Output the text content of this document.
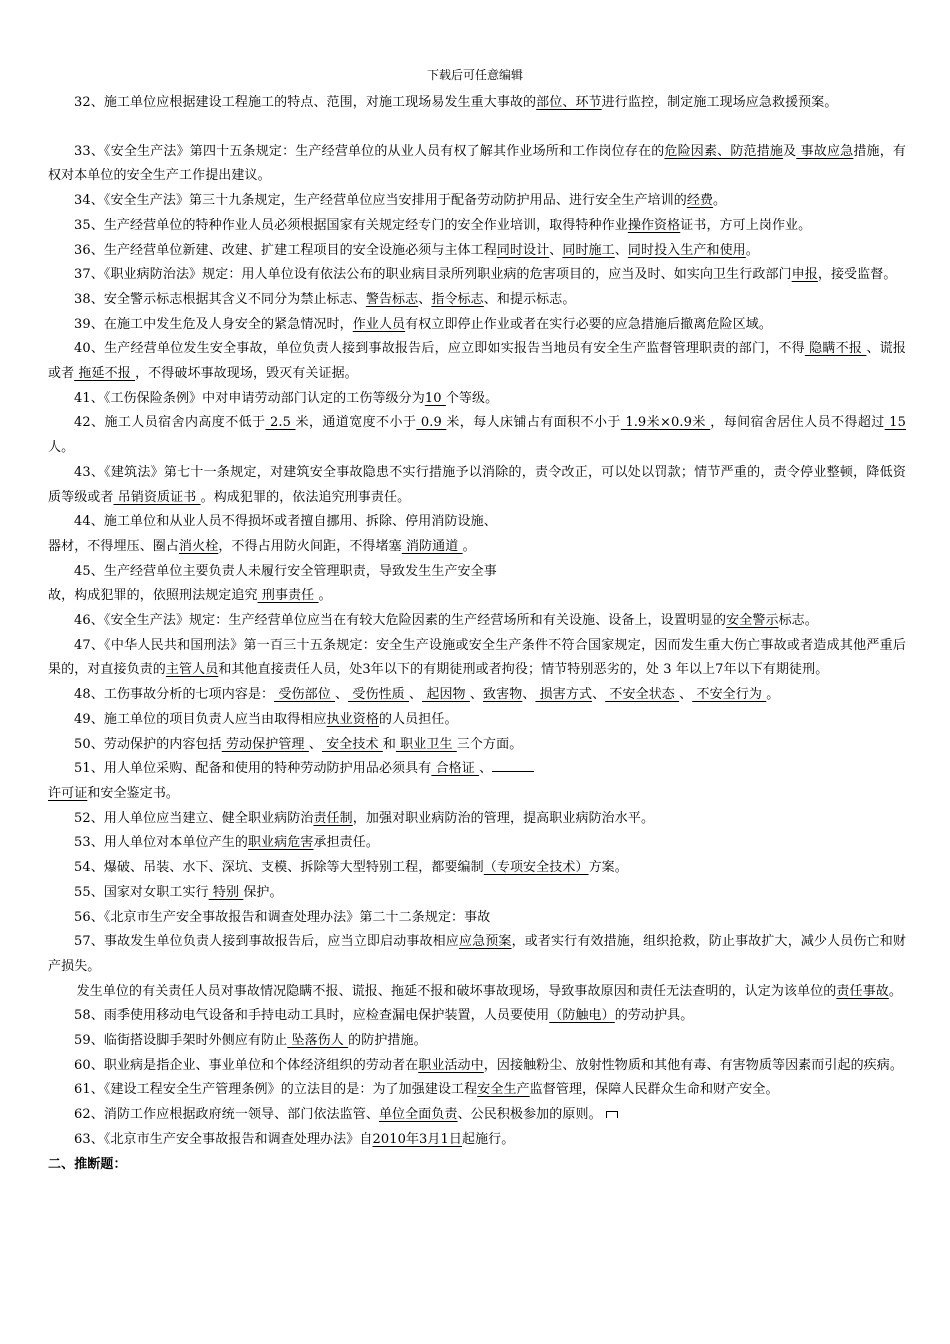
下载后可任意编辑

32、施工单位应根据建设工程施工的特点、范围，对施工现场易发生重大事故的部位、环节进行监控，制定施工现场应急救援预案。

33、《安全生产法》第四十五条规定：生产经营单位的从业人员有权了解其作业场所和工作岗位存在的危险因素、防范措施及 事故应急措施，有权对本单位的安全生产工作提出建议。

34、《安全生产法》第三十九条规定，生产经营单位应当安排用于配备劳动防护用品、进行安全生产培训的经费。

35、生产经营单位的特种作业人员必须根据国家有关规定经专门的安全作业培训，取得特种作业操作资格证书，方可上岗作业。

36、生产经营单位新建、改建、扩建工程项目的安全设施必须与主体工程同时设计、同时施工、同时投入生产和使用。

37、《职业病防治法》规定：用人单位设有依法公布的职业病目录所列职业病的危害项目的，应当及时、如实向卫生行政部门申报，接受监督。

38、安全警示标志根据其含义不同分为禁止标志、警告标志、指令标志、和提示标志。

39、在施工中发生危及人身安全的紧急情况时，作业人员有权立即停止作业或者在实行必要的应急措施后撤离危险区域。

40、生产经营单位发生安全事故，单位负责人接到事故报告后，应立即如实报告当地员有安全生产监督管理职责的部门，不得 隐瞒不报 、谎报或者 拖延不报 ，不得破坏事故现场，毁灭有关证据。

41、《工伤保险条例》中对申请劳动部门认定的工伤等级分为10 个等级。

42、施工人员宿舍内高度不低于 2.5 米，通道宽度不小于 0.9 米，每人床铺占有面积不小于 1.9米×0.9米 ，每间宿舍居住人员不得超过 15 人。

43、《建筑法》第七十一条规定，对建筑安全事故隐患不实行措施予以消除的，责令改正，可以处以罚款；情节严重的，责令停业整顿，降低资质等级或者 吊销资质证书 。构成犯罪的，依法追究刑事责任。

44、施工单位和从业人员不得损坏或者擅自挪用、拆除、停用消防设施、

器材，不得埋压、圈占消火栓，不得占用防火间距，不得堵塞 消防通道 。

45、生产经营单位主要负责人未履行安全管理职责，导致发生生产安全事

故，构成犯罪的，依照刑法规定追究 刑事责任 。

46、《安全生产法》规定：生产经营单位应当在有较大危险因素的生产经营场所和有关设施、设备上，设置明显的安全警示标志。

47、《中华人民共和国刑法》第一百三十五条规定：安全生产设施或安全生产条件不符合国家规定，因而发生重大伤亡事故或者造成其他严重后果的，对直接负责的主管人员和其他直接责任人员，处3年以下的有期徒刑或者拘役；情节特别恶劣的，处 3 年以上7年以下有期徒刑。

48、工伤事故分析的七项内容是： 受伤部位 、 受伤性质 、 起因物 、致害物、 损害方式、 不安全状态 、 不安全行为 。

49、施工单位的项目负责人应当由取得相应执业资格的人员担任。

50、劳动保护的内容包括 劳动保护管理 、 安全技术 和 职业卫生 三个方面。

51、用人单位采购、配备和使用的特种劳动防护用品必须具有 合格证 、

许可证和安全鉴定书。

52、用人单位应当建立、健全职业病防治责任制，加强对职业病防治的管理，提高职业病防治水平。

53、用人单位对本单位产生的职业病危害承担责任。

54、爆破、吊装、水下、深坑、支模、拆除等大型特别工程，都要编制（专项安全技术）方案。

55、国家对女职工实行 特别 保护。

56、《北京市生产安全事故报告和调查处理办法》第二十二条规定：事故

57、事故发生单位负责人接到事故报告后，应当立即启动事故相应应急预案，或者实行有效措施，组织抢救，防止事故扩大，减少人员伤亡和财产损失。

发生单位的有关责任人员对事故情况隐瞒不报、谎报、拖延不报和破坏事故现场，导致事故原因和责任无法查明的，认定为该单位的责任事故。

58、雨季使用移动电气设备和手持电动工具时，应检查漏电保护装置，人员要使用（防触电）的劳动护具。

59、临街搭设脚手架时外侧应有防止 坠落伤人 的防护措施。

60、职业病是指企业、事业单位和个体经济组织的劳动者在职业活动中，因接触粉尘、放射性物质和其他有毒、有害物质等因素而引起的疾病。

61、《建设工程安全生产管理条例》的立法目的是：为了加强建设工程安全生产监督管理，保障人民群众生命和财产安全。

62、消防工作应根据政府统一领导、部门依法监管、单位全面负责、公民积极参加的原则。

63、《北京市生产安全事故报告和调查处理办法》自2010年3月1日起施行。

二、推断题：
